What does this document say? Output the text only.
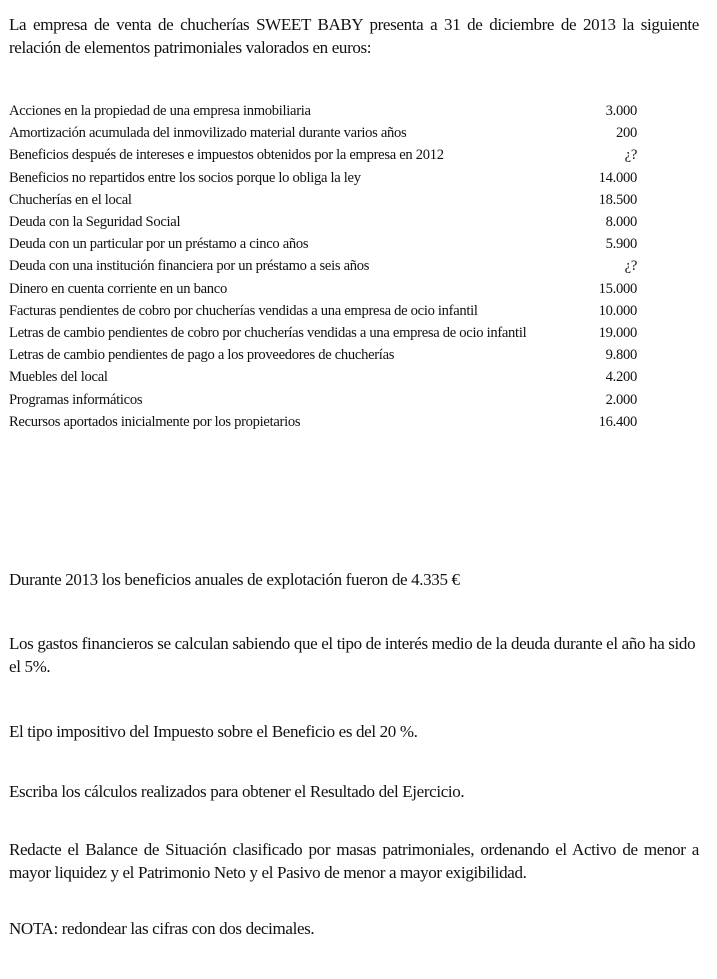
La empresa de venta de chucherías SWEET BABY presenta a 31 de diciembre de 2013 la siguiente relación de elementos patrimoniales valorados en euros:
Acciones en la propiedad de una empresa inmobiliaria	3.000
Amortización acumulada del inmovilizado material durante varios años	200
Beneficios después de intereses e impuestos obtenidos por la empresa en 2012	¿?
Beneficios no repartidos entre los socios porque lo obliga la ley	14.000
Chucherías en el local	18.500
Deuda con la Seguridad Social	8.000
Deuda con un particular por un préstamo a cinco años	5.900
Deuda con una institución financiera por un préstamo a seis años	¿?
Dinero en cuenta corriente en un banco	15.000
Facturas pendientes de cobro por chucherías vendidas a una empresa de ocio infantil	10.000
Letras de cambio pendientes de cobro por chucherías vendidas a una empresa de ocio infantil	19.000
Letras de cambio pendientes de pago a los proveedores de chucherías	9.800
Muebles del local	4.200
Programas informáticos	2.000
Recursos aportados inicialmente por los propietarios	16.400
Durante 2013 los beneficios anuales de explotación fueron de 4.335 €
Los gastos financieros se calculan sabiendo que el tipo de interés medio de la deuda durante el año ha sido el 5%.
El tipo impositivo del Impuesto sobre el Beneficio es del 20 %.
Escriba los cálculos realizados para obtener el Resultado del Ejercicio.
Redacte el Balance de Situación clasificado por masas patrimoniales, ordenando el Activo de menor a mayor liquidez y el Patrimonio Neto y el Pasivo de menor a mayor exigibilidad.
NOTA: redondear las cifras con dos decimales.
